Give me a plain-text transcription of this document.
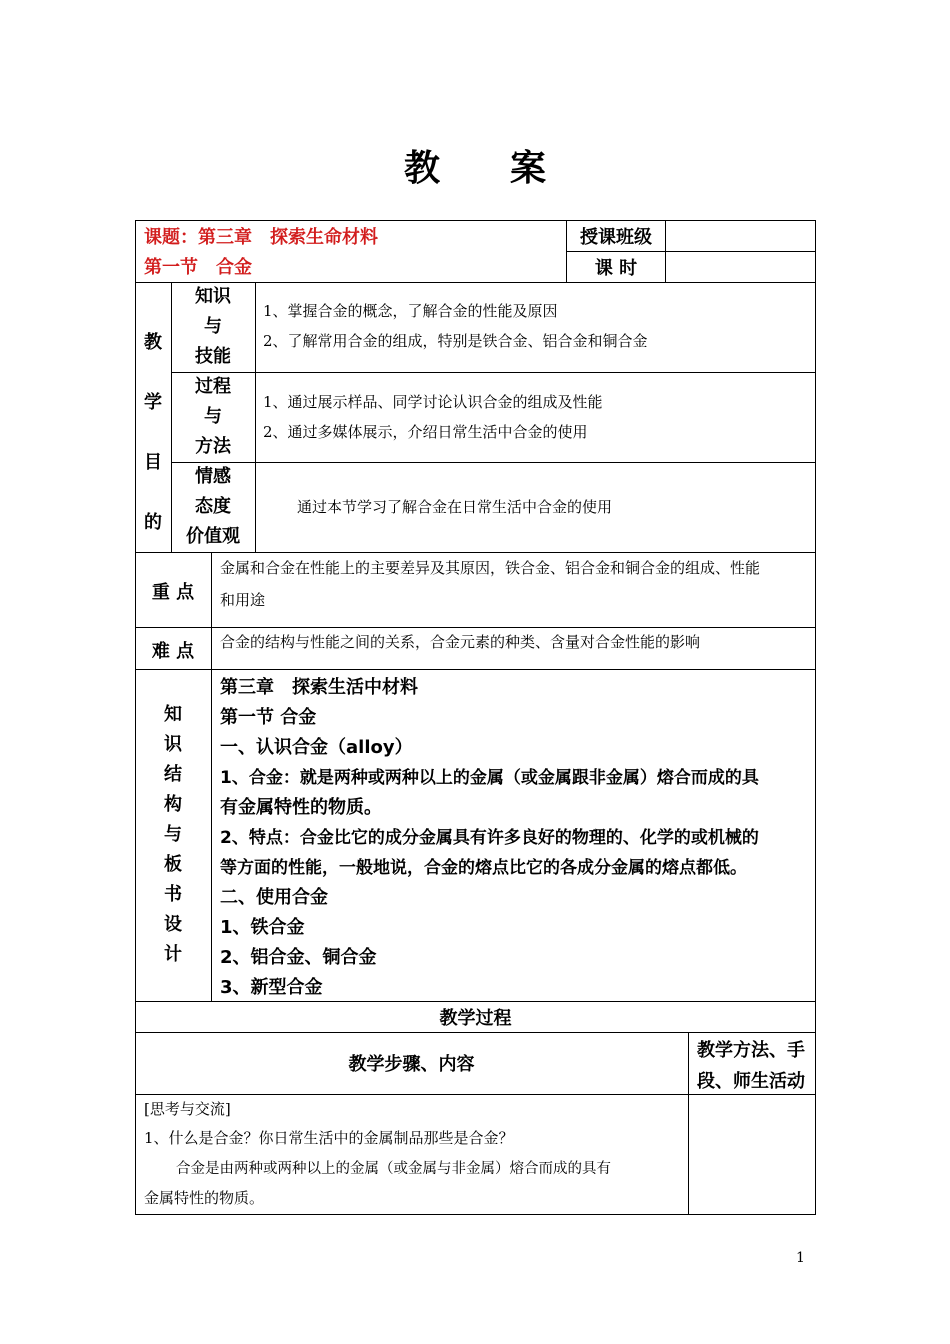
教 案
课题：第三章　探索生命材料
第一节　合金
授课班级
课 时
教
学
目
的
知识
与
技能
1、掌握合金的概念，了解合金的性能及原因
2、了解常用合金的组成，特别是铁合金、铝合金和铜合金
过程
与
方法
1、通过展示样品、同学讨论认识合金的组成及性能
2、通过多媒体展示，介绍日常生活中合金的使用
情感
态度
价值观
通过本节学习了解合金在日常生活中合金的使用
重 点
金属和合金在性能上的主要差异及其原因，铁合金、铝合金和铜合金的组成、性能
和用途
难 点	合金的结构与性能之间的关系，合金元素的种类、含量对合金性能的影响
知
识
结
构
与
板
书
设
计
第三章　探索生活中材料
第一节 合金
一、认识合金（alloy）
1、合金：就是两种或两种以上的金属（或金属跟非金属）熔合而成的具
有金属特性的物质。
2、特点：合金比它的成分金属具有许多良好的物理的、化学的或机械的
等方面的性能，一般地说，合金的熔点比它的各成分金属的熔点都低。
二、使用合金
1、铁合金
2、铝合金、铜合金
3、新型合金
教学过程
教学步骤、内容
教学方法、手
段、师生活动
[思考与交流]
1、什么是合金？你日常生活中的金属制品那些是合金？
合金是由两种或两种以上的金属（或金属与非金属）熔合而成的具有
金属特性的物质。
1
